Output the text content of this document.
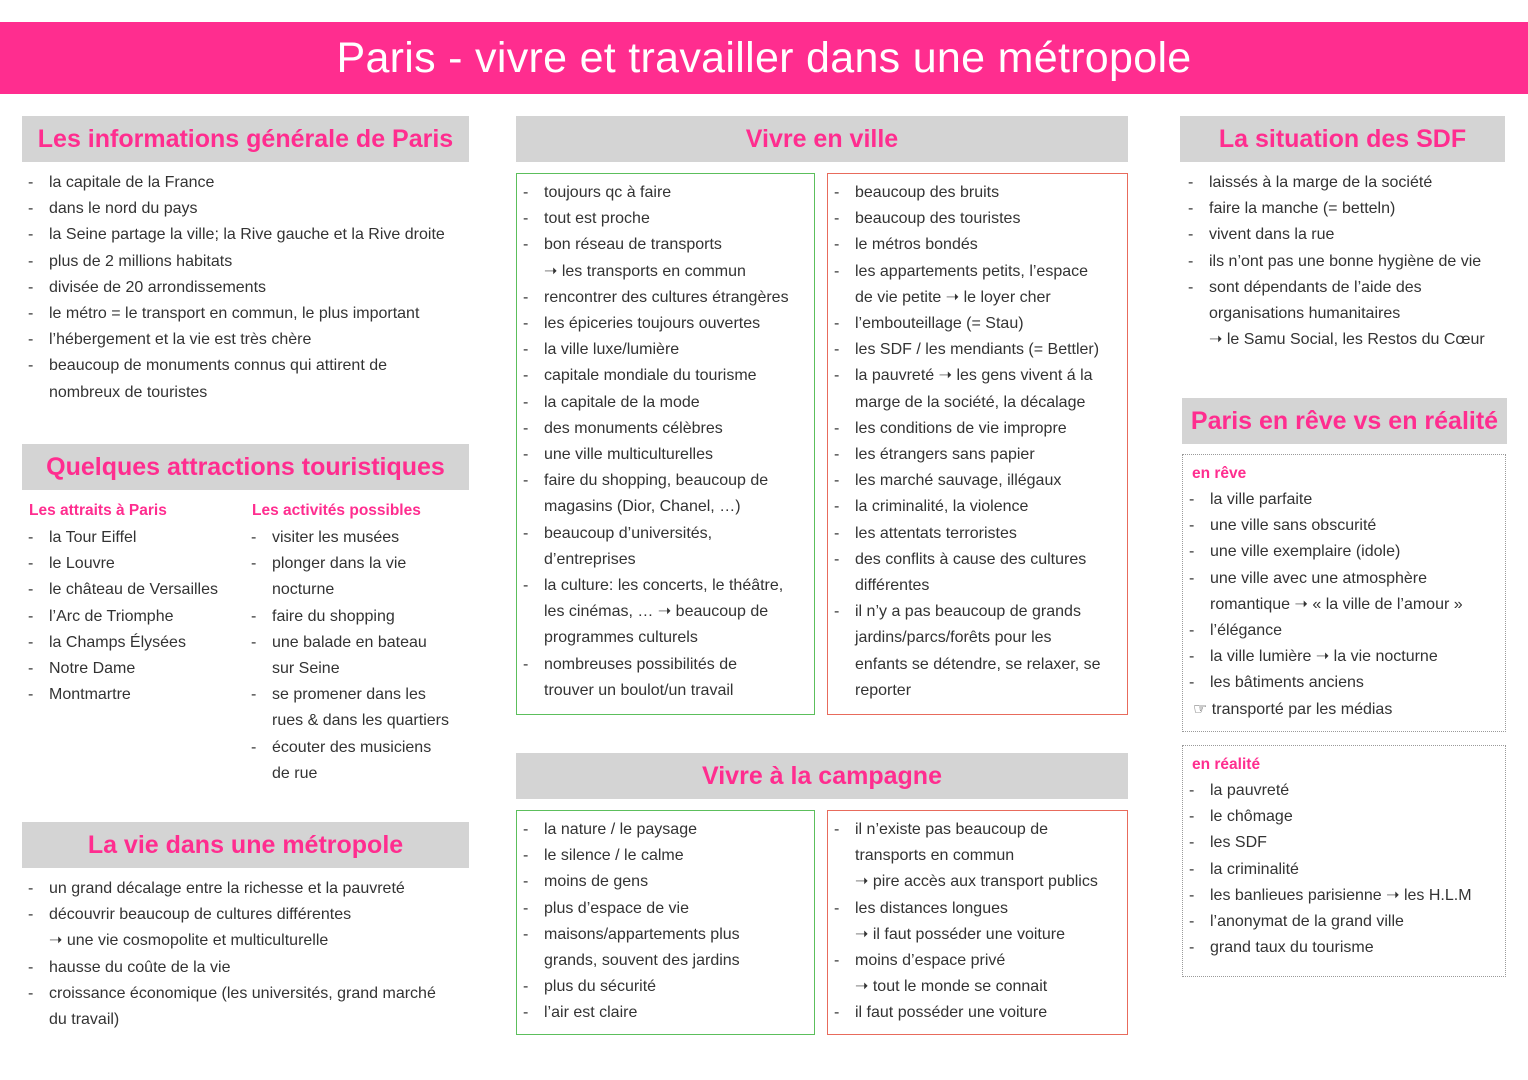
Paris - vivre et travailler dans une métropole
Les informations générale de Paris
- la capitale de la France
- dans le nord du pays
- la Seine partage la ville; la Rive gauche et la Rive droite
- plus de 2 millions habitats
- divisée de 20 arrondissements
- le métro = le transport en commun, le plus important
- l’hébergement et la vie est très chère
- beaucoup de monuments connus qui attirent de
nombreux de touristes
Quelques attractions touristiques
Les attraits à Paris
- la Tour Eiffel
- le Louvre
- le château de Versailles
- l’Arc de Triomphe
- la Champs Élysées
- Notre Dame
- Montmartre
Les activités possibles
- visiter les musées
- plonger dans la vie
nocturne
- faire du shopping
- une balade en bateau
sur Seine
- se promener dans les
rues & dans les quartiers
- écouter des musiciens
de rue
La vie dans une métropole
- un grand décalage entre la richesse et la pauvreté
- découvrir beaucoup de cultures différentes
➝ une vie cosmopolite et multiculturelle
- hausse du coûte de la vie
- croissance économique (les universités, grand marché
du travail)
Vivre en ville
- toujours qc à faire
- tout est proche
- bon réseau de transports
➝ les transports en commun
- rencontrer des cultures étrangères
- les épiceries toujours ouvertes
- la ville luxe/lumière
- capitale mondiale du tourisme
- la capitale de la mode
- des monuments célèbres
- une ville multiculturelles
- faire du shopping, beaucoup de
magasins (Dior, Chanel, …)
- beaucoup d’universités,
d’entreprises
- la culture: les concerts, le théâtre,
les cinémas, … ➝ beaucoup de
programmes culturels
- nombreuses possibilités de
trouver un boulot/un travail
- beaucoup des bruits
- beaucoup des touristes
- le métros bondés
- les appartements petits, l’espace
de vie petite ➝ le loyer cher
- l’embouteillage (= Stau)
- les SDF / les mendiants (= Bettler)
- la pauvreté ➝ les gens vivent á la
marge de la société, la décalage
- les conditions de vie impropre
- les étrangers sans papier
- les marché sauvage, illégaux
- la criminalité, la violence
- les attentats terroristes
- des conflits à cause des cultures
différentes
- il n’y a pas beaucoup de grands
jardins/parcs/forêts pour les
enfants se détendre, se relaxer, se
reporter
Vivre à la campagne
- la nature / le paysage
- le silence / le calme
- moins de gens
- plus d’espace de vie
- maisons/appartements plus
grands, souvent des jardins
- plus du sécurité
- l’air est claire
- il n’existe pas beaucoup de
transports en commun
➝ pire accès aux transport publics
- les distances longues
➝ il faut posséder une voiture
- moins d’espace privé
➝ tout le monde se connait
- il faut posséder une voiture
La situation des SDF
- laissés à la marge de la société
- faire la manche (= betteln)
- vivent dans la rue
- ils n’ont pas une bonne hygiène de vie
- sont dépendants de l’aide des
organisations humanitaires
➝ le Samu Social, les Restos du Cœur
Paris en rêve vs en réalité
en rêve
- la ville parfaite
- une ville sans obscurité
- une ville exemplaire (idole)
- une ville avec une atmosphère
romantique ➝ « la ville de l’amour »
- l’élégance
- la ville lumière ➝ la vie nocturne
- les bâtiments anciens
☞ transporté par les médias
en réalité
- la pauvreté
- le chômage
- les SDF
- la criminalité
- les banlieues parisienne ➝ les H.L.M
- l’anonymat de la grand ville
- grand taux du tourisme
